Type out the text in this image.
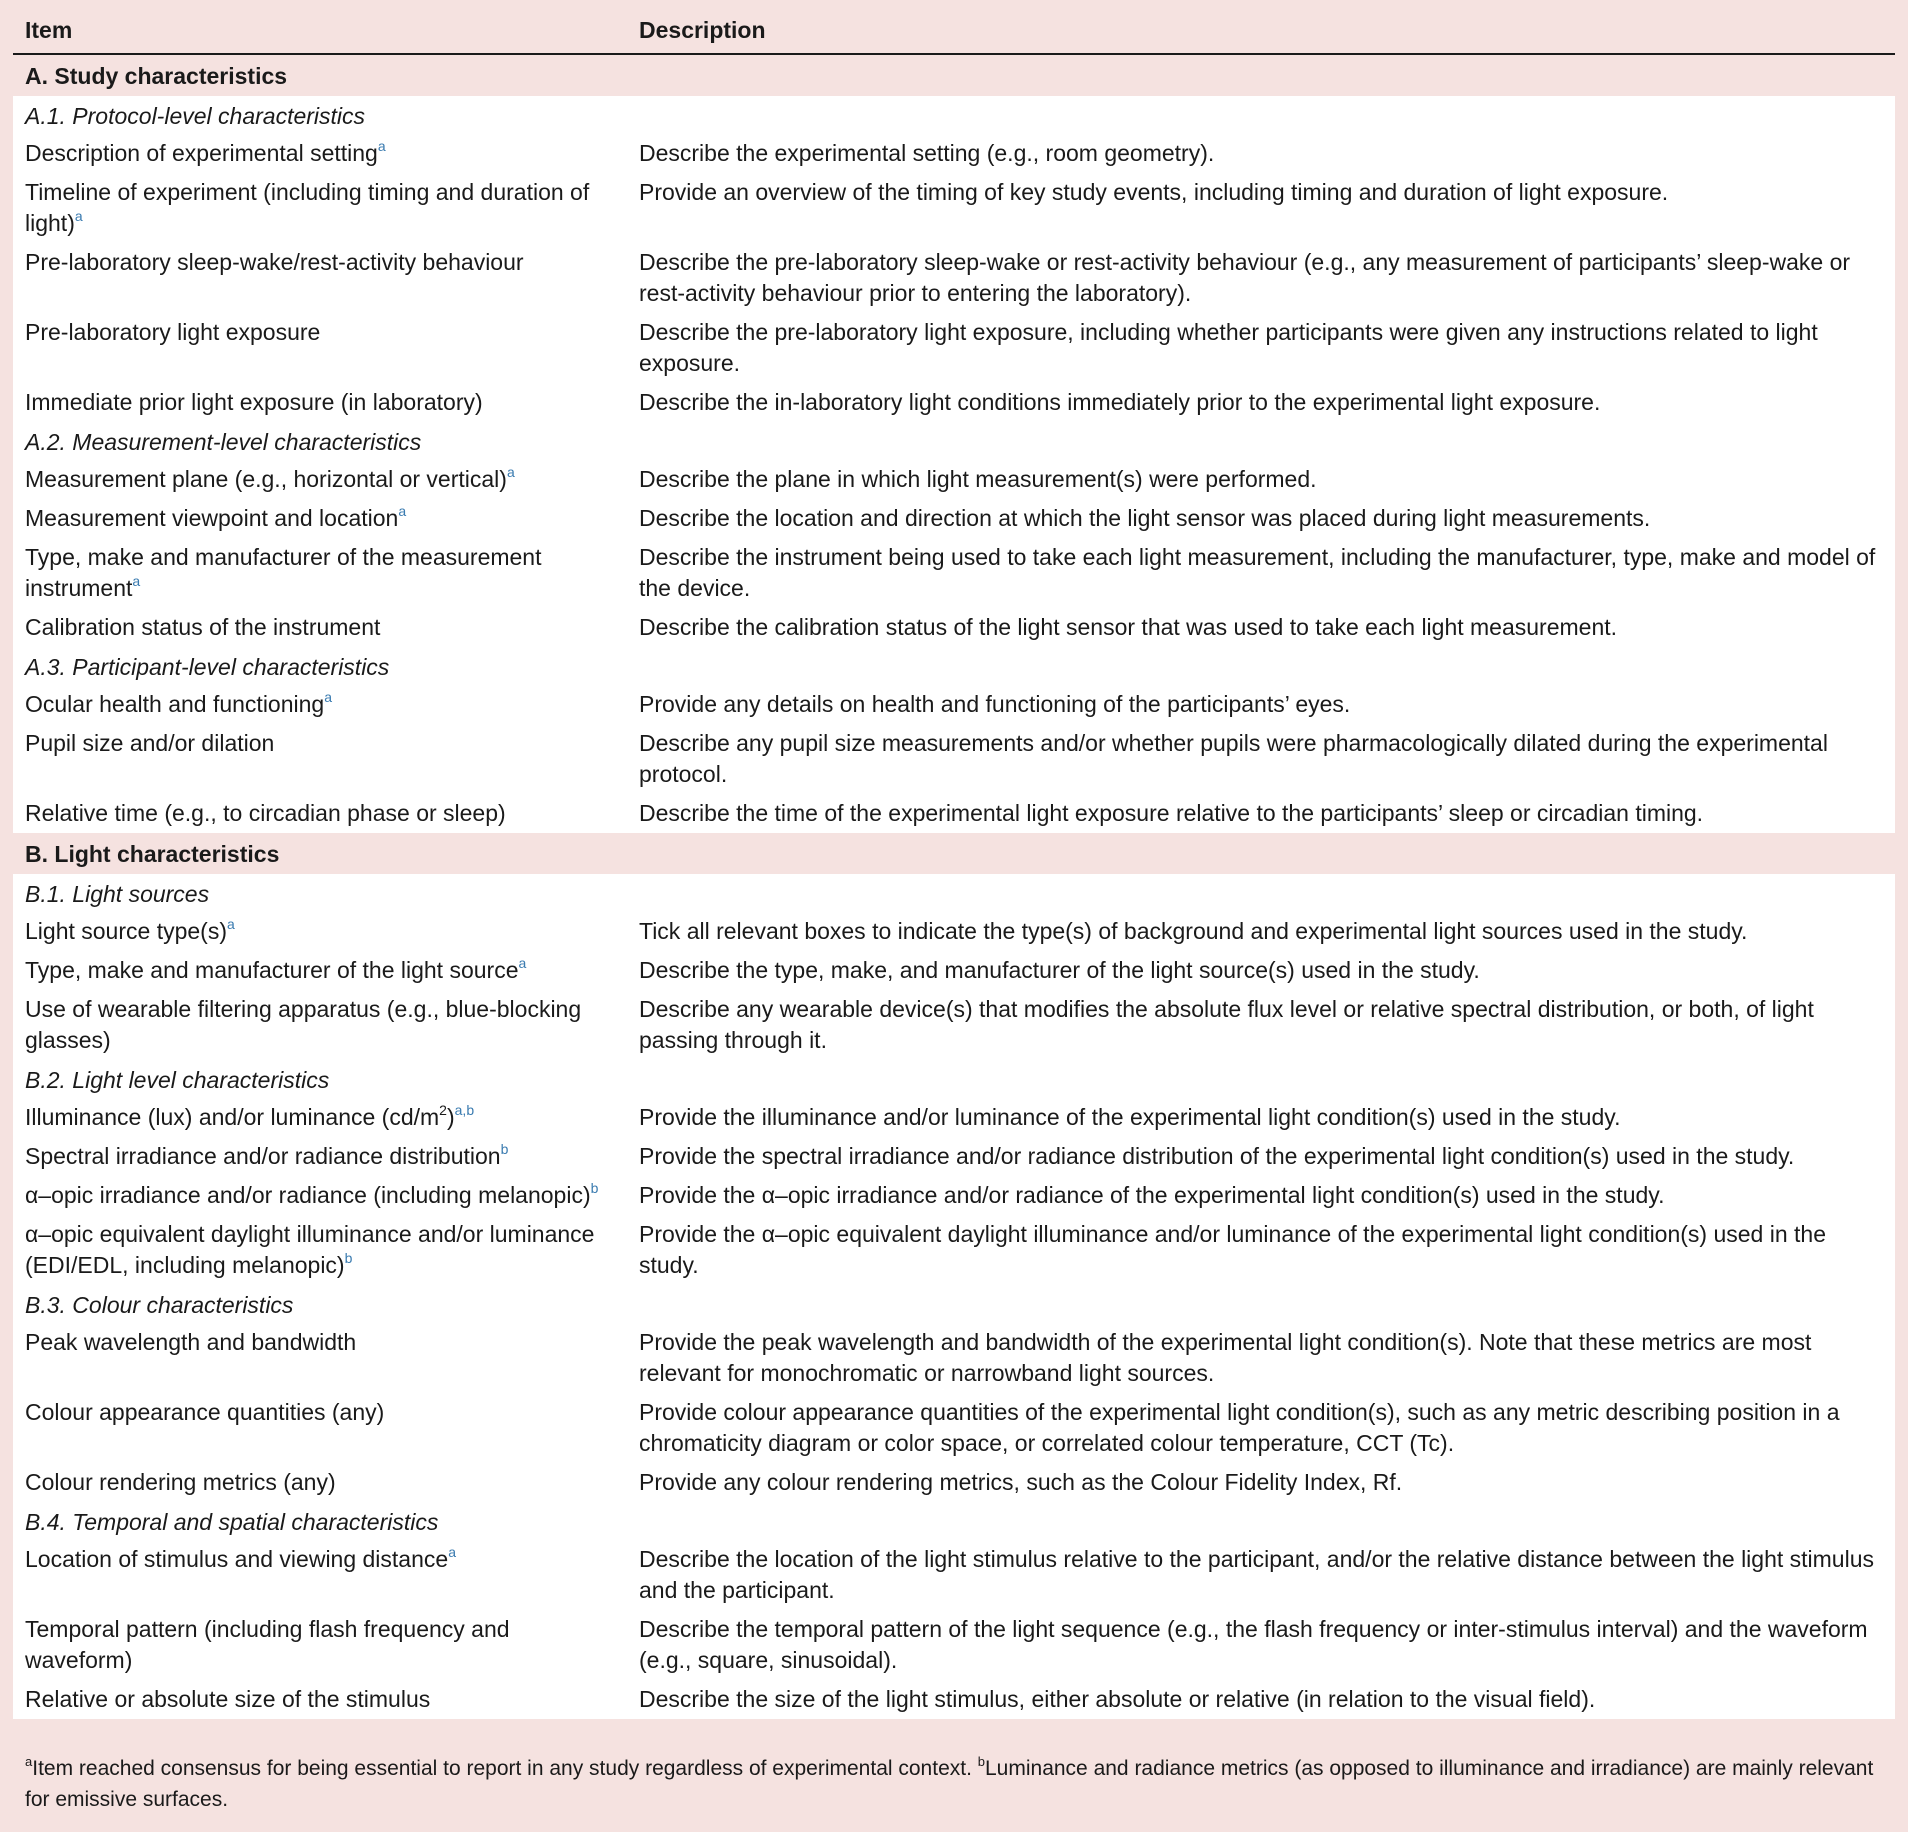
Item	Description
A. Study characteristics	
A.1. Protocol-level characteristics	
Description of experimental setting$^a$	Describe the experimental setting (e.g., room geometry).
Timeline of experiment (including timing and duration of light)$^a$	Provide an overview of the timing of key study events, including timing and duration of light exposure.
Pre-laboratory sleep-wake/rest-activity behaviour	Describe the pre-laboratory sleep-wake or rest-activity behaviour (e.g., any measurement of participants’ sleep-wake or rest-activity behaviour prior to entering the laboratory).
Pre-laboratory light exposure	Describe the pre-laboratory light exposure, including whether participants were given any instructions related to light exposure.
Immediate prior light exposure (in laboratory)	Describe the in-laboratory light conditions immediately prior to the experimental light exposure.
A.2. Measurement-level characteristics	
Measurement plane (e.g., horizontal or vertical)$^a$	Describe the plane in which light measurement(s) were performed.
Measurement viewpoint and location$^a$	Describe the location and direction at which the light sensor was placed during light measurements.
Type, make and manufacturer of the measurement instrument$^a$	Describe the instrument being used to take each light measurement, including the manufacturer, type, make and model of the device.
Calibration status of the instrument	Describe the calibration status of the light sensor that was used to take each light measurement.
A.3. Participant-level characteristics	
Ocular health and functioning$^a$	Provide any details on health and functioning of the participants’ eyes.
Pupil size and/or dilation	Describe any pupil size measurements and/or whether pupils were pharmacologically dilated during the experimental protocol.
Relative time (e.g., to circadian phase or sleep)	Describe the time of the experimental light exposure relative to the participants’ sleep or circadian timing.
B. Light characteristics	
B.1. Light sources	
Light source type(s)$^a$	Tick all relevant boxes to indicate the type(s) of background and experimental light sources used in the study.
Type, make and manufacturer of the light source$^a$	Describe the type, make, and manufacturer of the light source(s) used in the study.
Use of wearable filtering apparatus (e.g., blue-blocking glasses)	Describe any wearable device(s) that modifies the absolute flux level or relative spectral distribution, or both, of light passing through it.
B.2. Light level characteristics	
Illuminance (lux) and/or luminance $(cd/m^2)^{a,b}$	Provide the illuminance and/or luminance of the experimental light condition(s) used in the study.
Spectral irradiance and/or radiance distribution$^b$	Provide the spectral irradiance and/or radiance distribution of the experimental light condition(s) used in the study.
α–opic irradiance and/or radiance (including melanopic)$^b$	Provide the α–opic irradiance and/or radiance of the experimental light condition(s) used in the study.
α–opic equivalent daylight illuminance and/or luminance (EDI/EDL, including melanopic)$^b$	Provide the α–opic equivalent daylight illuminance and/or luminance of the experimental light condition(s) used in the study.
B.3. Colour characteristics	
Peak wavelength and bandwidth	Provide the peak wavelength and bandwidth of the experimental light condition(s). Note that these metrics are most relevant for monochromatic or narrowband light sources.
Colour appearance quantities (any)	Provide colour appearance quantities of the experimental light condition(s), such as any metric describing position in a chromaticity diagram or color space, or correlated colour temperature, CCT (Tc).
Colour rendering metrics (any)	Provide any colour rendering metrics, such as the Colour Fidelity Index, Rf.
B.4. Temporal and spatial characteristics	
Location of stimulus and viewing distance$^a$	Describe the location of the light stimulus relative to the participant, and/or the relative distance between the light stimulus and the participant.
Temporal pattern (including flash frequency and waveform)	Describe the temporal pattern of the light sequence (e.g., the flash frequency or inter-stimulus interval) and the waveform (e.g., square, sinusoidal).
Relative or absolute size of the stimulus	Describe the size of the light stimulus, either absolute or relative (in relation to the visual field).
$^a$Item reached consensus for being essential to report in any study regardless of experimental context. $^b$Luminance and radiance metrics (as opposed to illuminance and irradiance) are mainly relevant for emissive surfaces.
